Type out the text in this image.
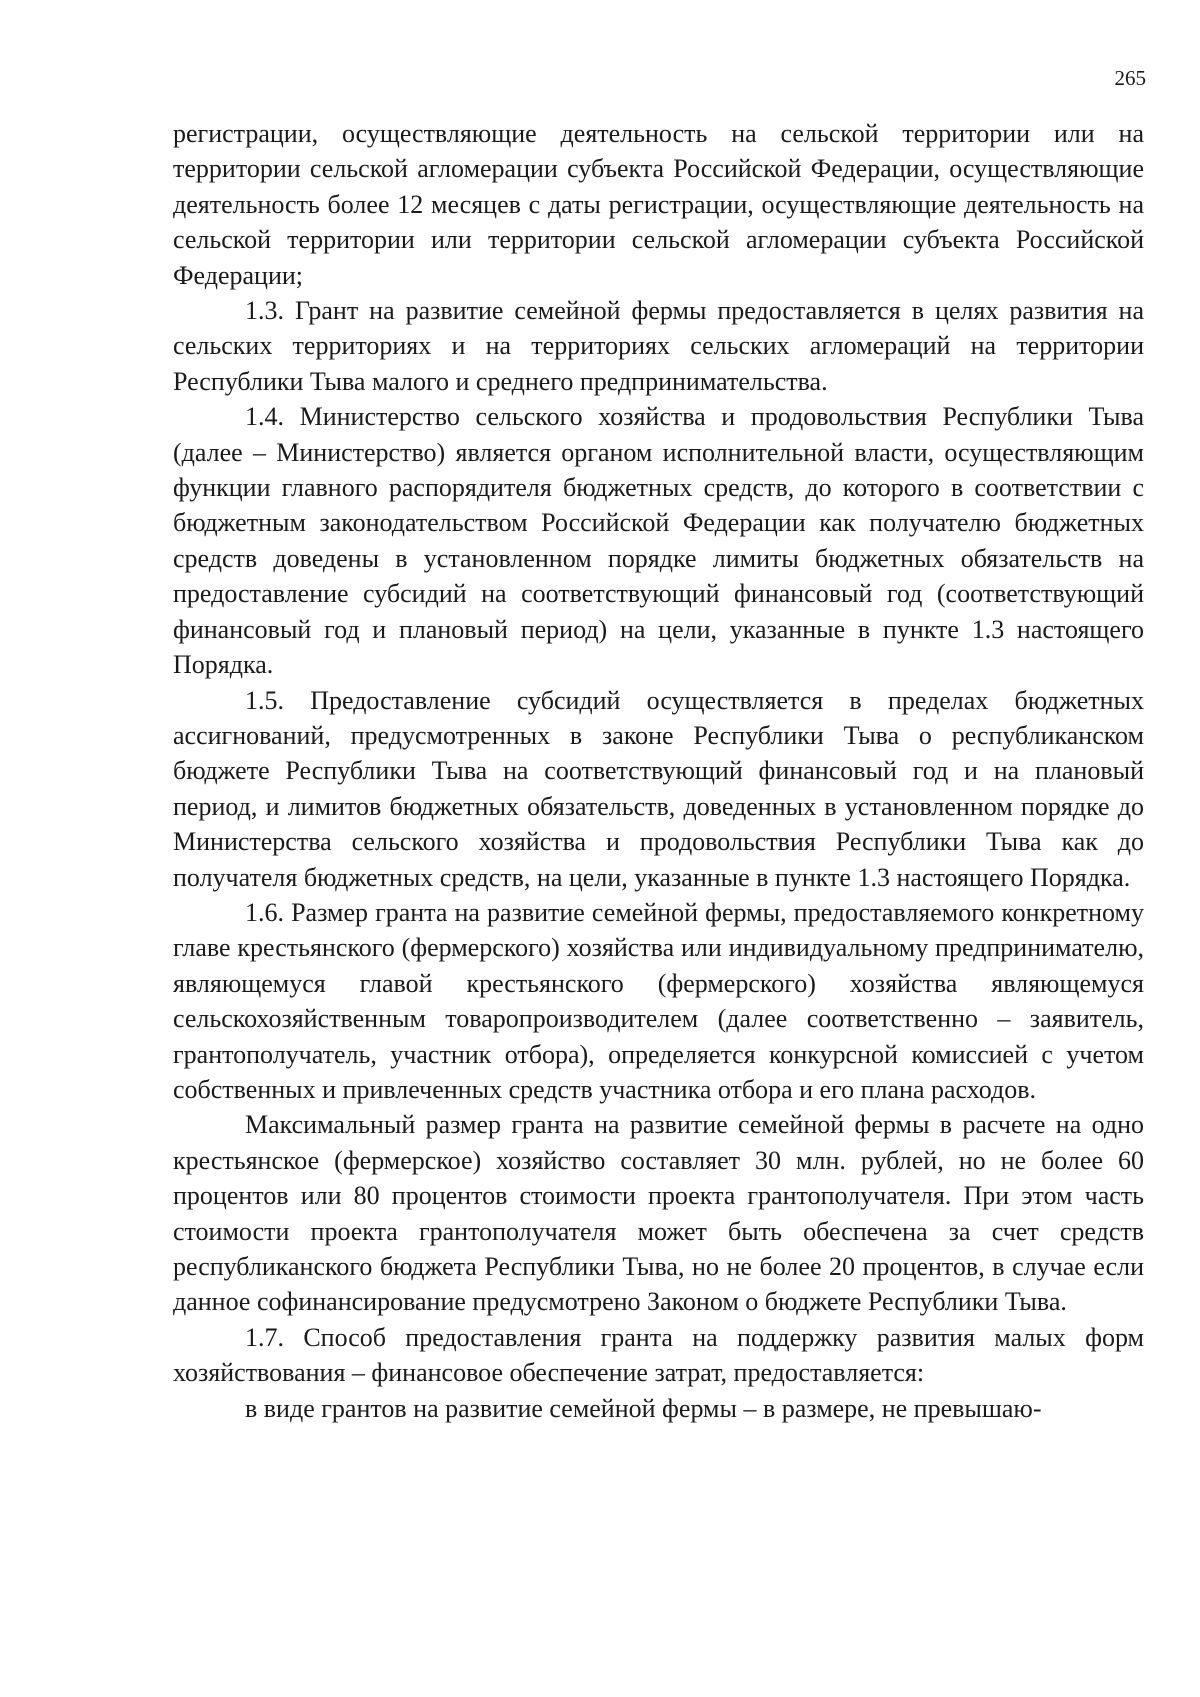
265

регистрации, осуществляющие деятельность на сельской территории или на территории сельской агломерации субъекта Российской Федерации, осуществляющие деятельность более 12 месяцев с даты регистрации, осуществляющие деятельность на сельской территории или территории сельской агломерации субъекта Российской Федерации;

1.3. Грант на развитие семейной фермы предоставляется в целях развития на сельских территориях и на территориях сельских агломераций на территории Республики Тыва малого и среднего предпринимательства.

1.4. Министерство сельского хозяйства и продовольствия Республики Тыва (далее – Министерство) является органом исполнительной власти, осуществляющим функции главного распорядителя бюджетных средств, до которого в соответствии с бюджетным законодательством Российской Федерации как получателю бюджетных средств доведены в установленном порядке лимиты бюджетных обязательств на предоставление субсидий на соответствующий финансовый год (соответствующий финансовый год и плановый период) на цели, указанные в пункте 1.3 настоящего Порядка.

1.5. Предоставление субсидий осуществляется в пределах бюджетных ассигнований, предусмотренных в законе Республики Тыва о республиканском бюджете Республики Тыва на соответствующий финансовый год и на плановый период, и лимитов бюджетных обязательств, доведенных в установленном порядке до Министерства сельского хозяйства и продовольствия Республики Тыва как до получателя бюджетных средств, на цели, указанные в пункте 1.3 настоящего Порядка.

1.6. Размер гранта на развитие семейной фермы, предоставляемого конкретному главе крестьянского (фермерского) хозяйства или индивидуальному предпринимателю, являющемуся главой крестьянского (фермерского) хозяйства являющемуся сельскохозяйственным товаропроизводителем (далее соответственно – заявитель, грантополучатель, участник отбора), определяется конкурсной комиссией с учетом собственных и привлеченных средств участника отбора и его плана расходов.

Максимальный размер гранта на развитие семейной фермы в расчете на одно крестьянское (фермерское) хозяйство составляет 30 млн. рублей, но не более 60 процентов или 80 процентов стоимости проекта грантополучателя. При этом часть стоимости проекта грантополучателя может быть обеспечена за счет средств республиканского бюджета Республики Тыва, но не более 20 процентов, в случае если данное софинансирование предусмотрено Законом о бюджете Республики Тыва.

1.7. Способ предоставления гранта на поддержку развития малых форм хозяйствования – финансовое обеспечение затрат, предоставляется:

в виде грантов на развитие семейной фермы – в размере, не превышаю-
